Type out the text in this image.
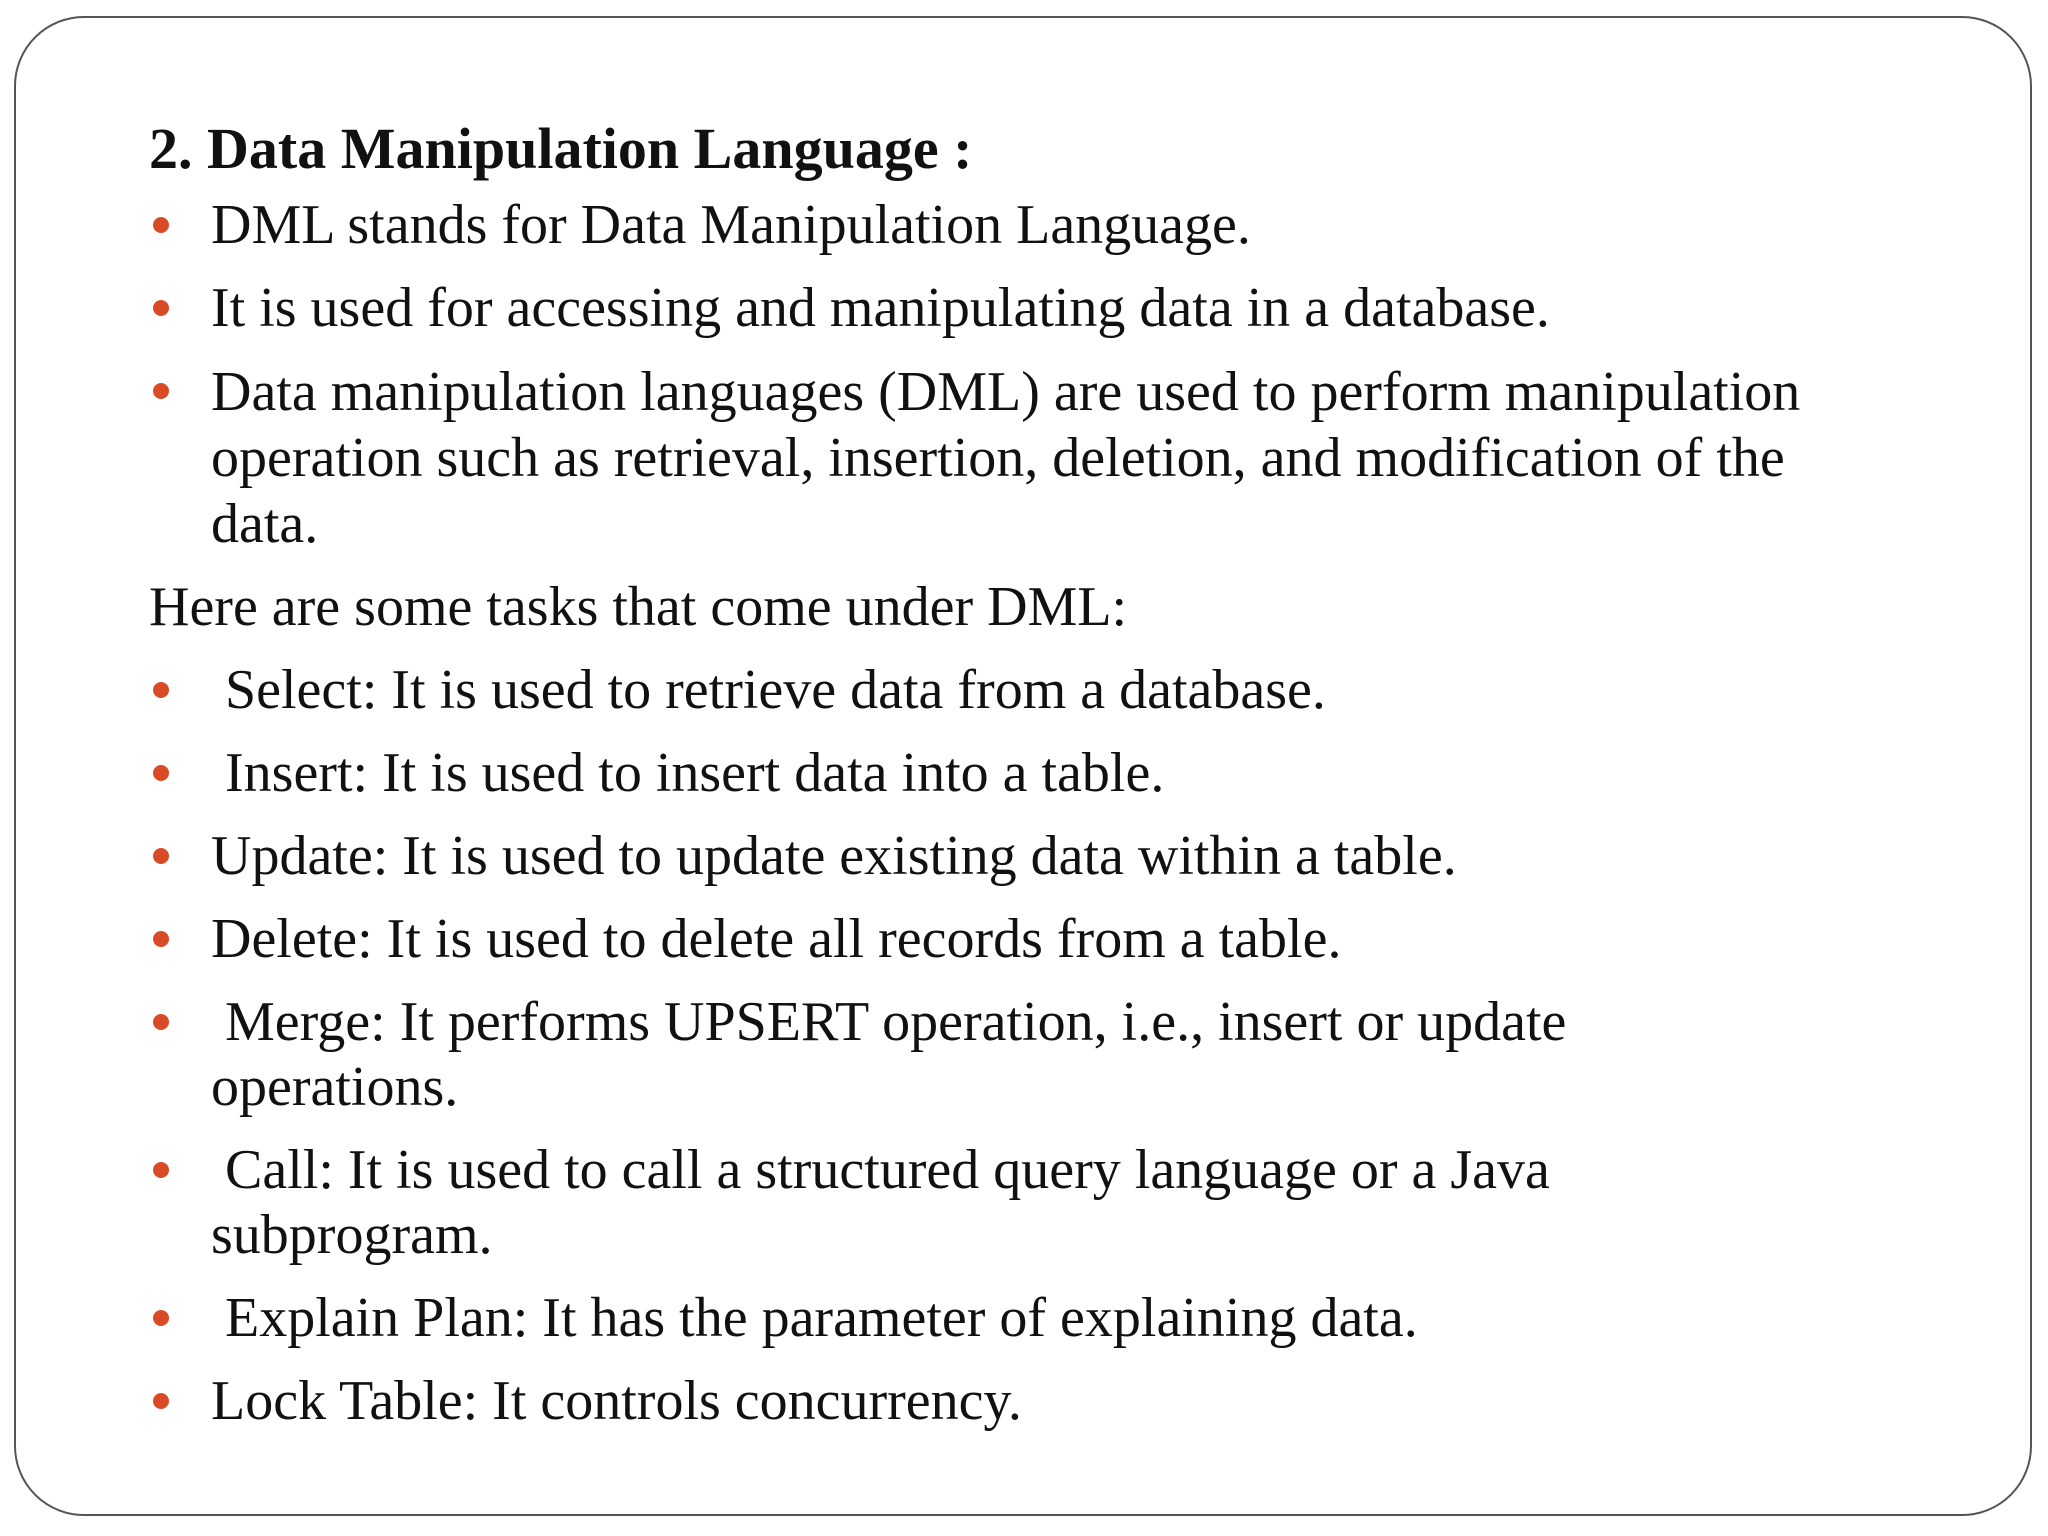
2. Data Manipulation Language :
DML stands for Data Manipulation Language.
It is used for accessing and manipulating data in a database.
Data manipulation languages (DML) are used to perform manipulation operation such as retrieval, insertion, deletion, and modification of the data.
Here are some tasks that come under DML:
Select: It is used to retrieve data from a database.
Insert: It is used to insert data into a table.
Update: It is used to update existing data within a table.
Delete: It is used to delete all records from a table.
Merge: It performs UPSERT operation, i.e., insert or update operations.
Call: It is used to call a structured query language or a Java subprogram.
Explain Plan: It has the parameter of explaining data.
Lock Table: It controls concurrency.
